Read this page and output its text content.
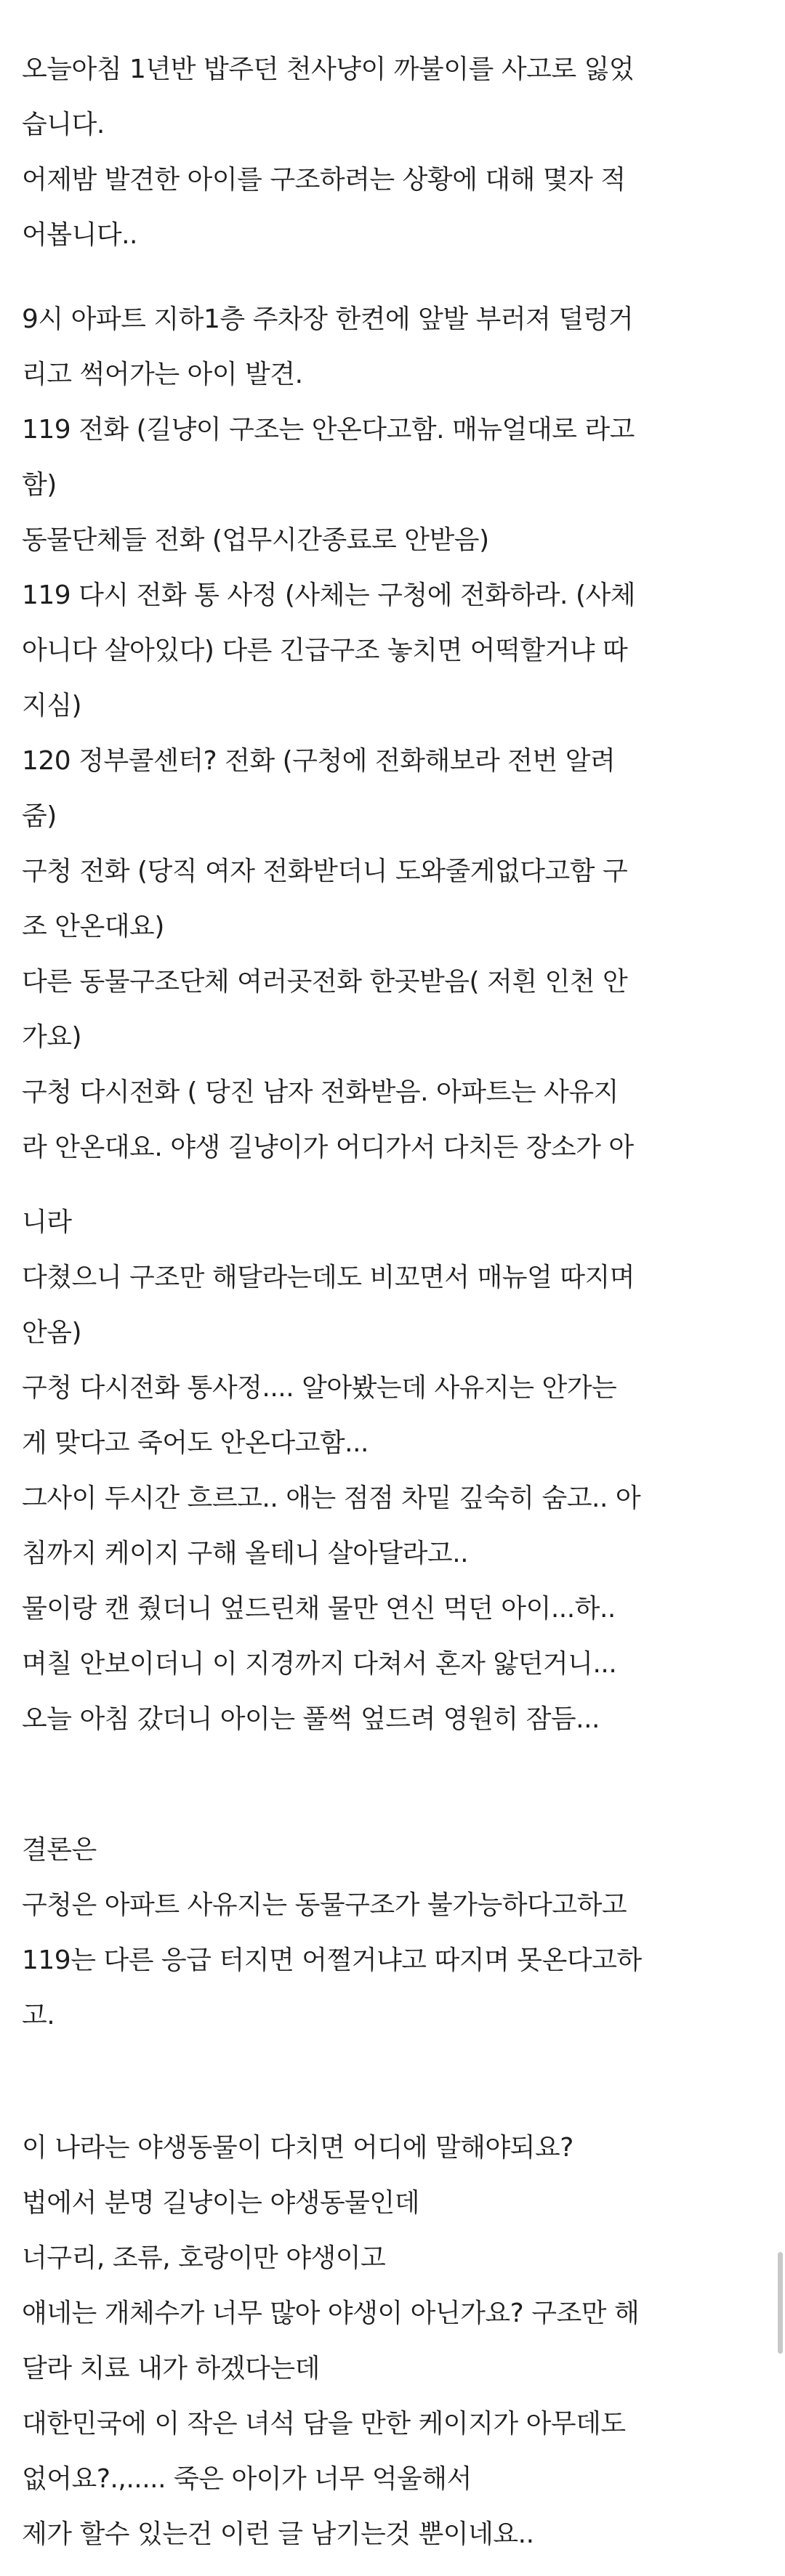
오늘아침 1년반 밥주던 천사냥이 까불이를 사고로 잃었
습니다.
어제밤 발견한 아이를 구조하려는 상황에 대해 몇자 적
어봅니다..
9시 아파트 지하1층 주차장 한켠에 앞발 부러져 덜렁거
리고 썩어가는 아이 발견.
119 전화 (길냥이 구조는 안온다고함. 매뉴얼대로 라고
함)
동물단체들 전화 (업무시간종료로 안받음)
119 다시 전화 통 사정 (사체는 구청에 전화하라. (사체
아니다 살아있다) 다른 긴급구조 놓치면 어떡할거냐 따
지심)
120 정부콜센터? 전화 (구청에 전화해보라 전번 알려
줌)
구청 전화 (당직 여자 전화받더니 도와줄게없다고함 구
조 안온대요)
다른 동물구조단체 여러곳전화 한곳받음( 저흰 인천 안
가요)
구청 다시전화 ( 당진 남자 전화받음. 아파트는 사유지
라 안온대요. 야생 길냥이가 어디가서 다치든 장소가 아
니라
다쳤으니 구조만 해달라는데도 비꼬면서 매뉴얼 따지며
안옴)
구청 다시전화 통사정.... 알아봤는데 사유지는 안가는
게 맞다고 죽어도 안온다고함...
그사이 두시간 흐르고.. 애는 점점 차밑 깊숙히 숨고.. 아
침까지 케이지 구해 올테니 살아달라고..
물이랑 캔 줬더니 엎드린채 물만 연신 먹던 아이...하..
며칠 안보이더니 이 지경까지 다쳐서 혼자 앓던거니...
오늘 아침 갔더니 아이는 풀썩 엎드려 영원히 잠듬...
결론은
구청은 아파트 사유지는 동물구조가 불가능하다고하고
119는 다른 응급 터지면 어쩔거냐고 따지며 못온다고하
고.
이 나라는 야생동물이 다치면 어디에 말해야되요?
법에서 분명 길냥이는 야생동물인데
너구리, 조류, 호랑이만 야생이고
얘네는 개체수가 너무 많아 야생이 아닌가요? 구조만 해
달라 치료 내가 하겠다는데
대한민국에 이 작은 녀석 담을 만한 케이지가 아무데도
없어요?.,..... 죽은 아이가 너무 억울해서
제가 할수 있는건 이런 글 남기는것 뿐이네요..
